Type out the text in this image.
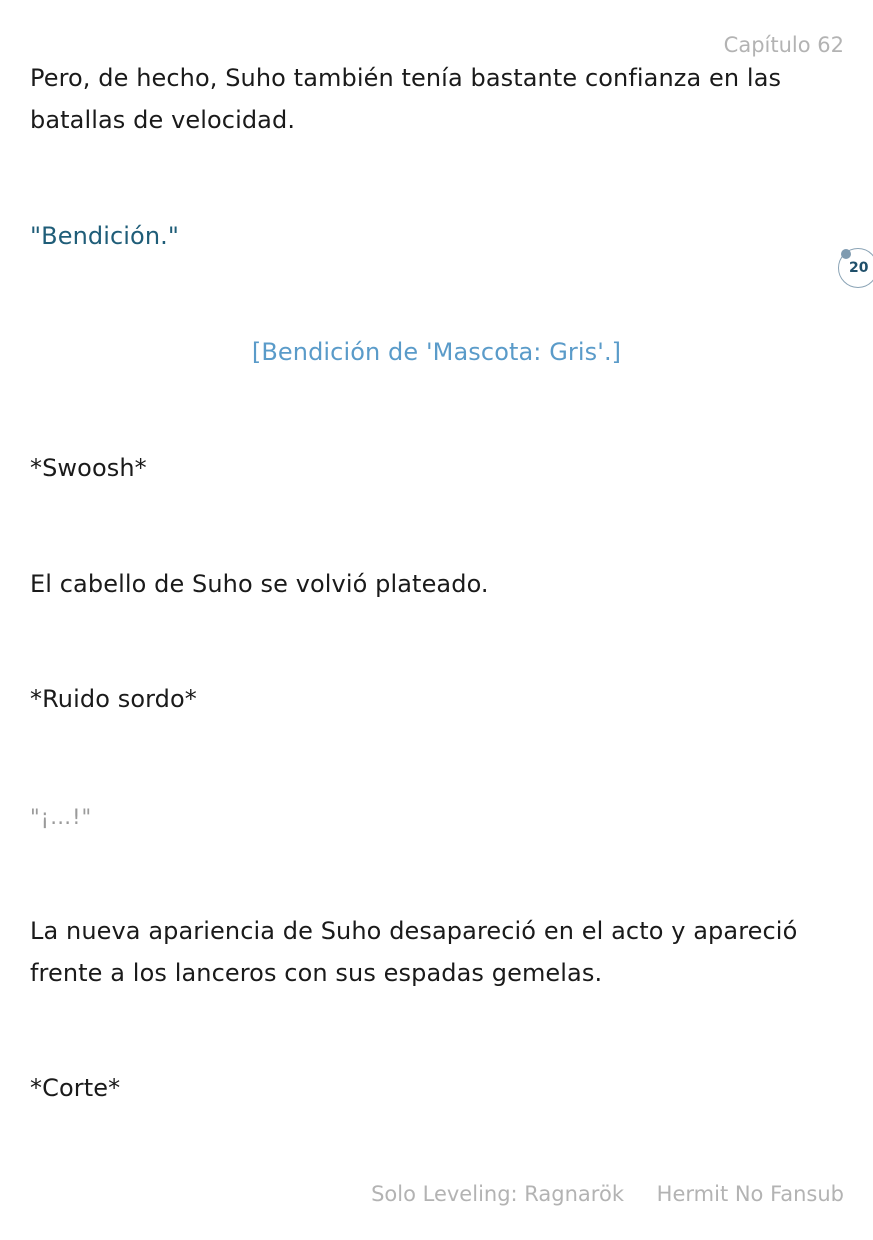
Capítulo 62

Pero, de hecho, Suho también tenía bastante confianza en las batallas de velocidad.

"Bendición."

20

[Bendición de 'Mascota: Gris'.]

*Swoosh*

El cabello de Suho se volvió plateado.

*Ruido sordo*

"¡…!"

La nueva apariencia de Suho desapareció en el acto y apareció frente a los lanceros con sus espadas gemelas.

*Corte*

Solo Leveling: Ragnarök Hermit No Fansub
